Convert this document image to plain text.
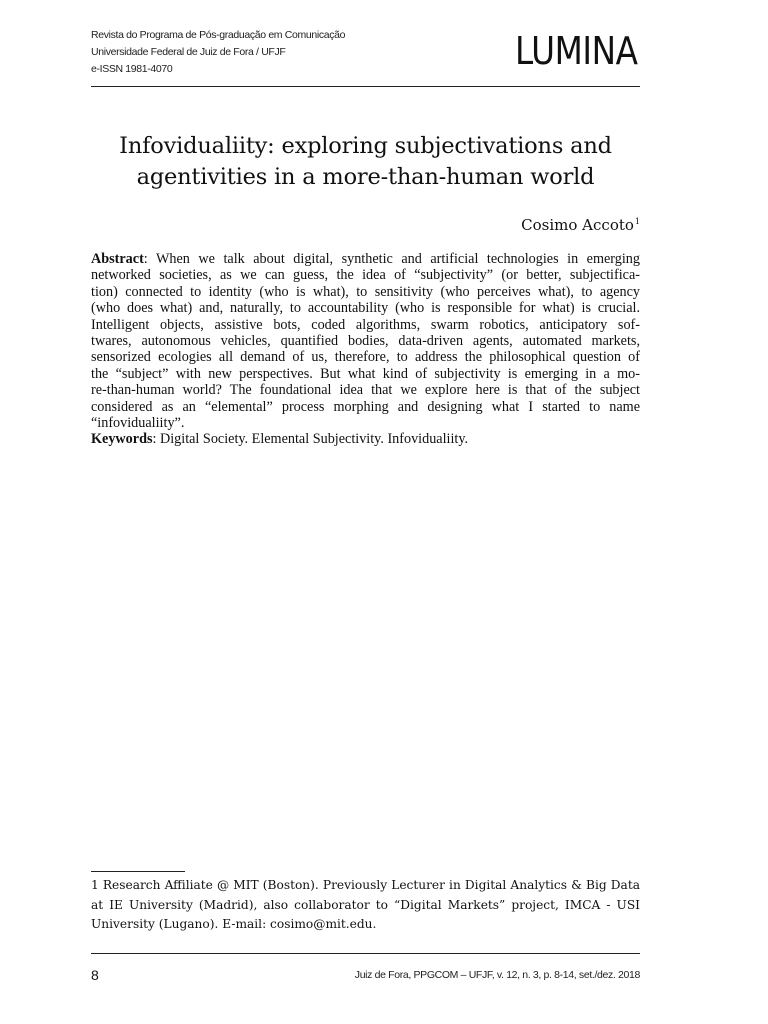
Revista do Programa de Pós-graduação em Comunicação
Universidade Federal de Juiz de Fora / UFJF
e-ISSN 1981-4070	LUMINA
Infovidualiity: exploring subjectivations and
agentivities in a more-than-human world
Cosimo Accoto$^1$
Abstract: When we talk about digital, synthetic and artificial technologies in emerging
networked societies, as we can guess, the idea of “subjectivity” (or better, subjectifica-
tion) connected to identity (who is what), to sensitivity (who perceives what), to agency
(who does what) and, naturally, to accountability (who is responsible for what) is crucial.
Intelligent objects, assistive bots, coded algorithms, swarm robotics, anticipatory sof-
twares, autonomous vehicles, quantified bodies, data-driven agents, automated markets,
sensorized ecologies all demand of us, therefore, to address the philosophical question of
the “subject” with new perspectives. But what kind of subjectivity is emerging in a mo-
re-than-human world? The foundational idea that we explore here is that of the subject
considered as an “elemental” process morphing and designing what I started to name
“infovidualiity”.
Keywords: Digital Society. Elemental Subjectivity. Infovidualiity.
1 Research Affiliate @ MIT (Boston). Previously Lecturer in Digital Analytics & Big Data
at IE University (Madrid), also collaborator to “Digital Markets” project, IMCA - USI
University (Lugano). E-mail: cosimo@mit.edu.
8	Juiz de Fora, PPGCOM – UFJF, v. 12, n. 3, p. 8-14, set./dez. 2018
